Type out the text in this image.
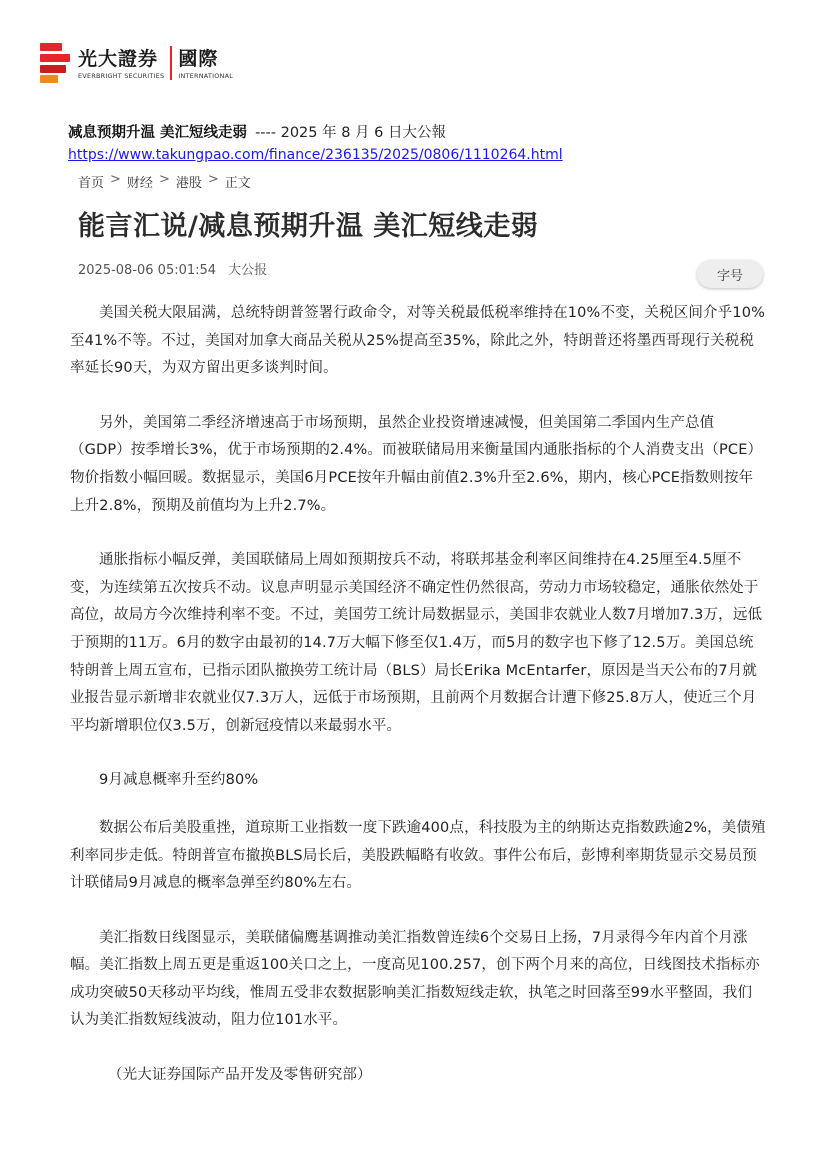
光大證券
EVERBRIGHT SECURITIES
國際
INTERNATIONAL
减息预期升温 美汇短线走弱 ---- 2025 年 8 月 6 日大公報
https://www.takungpao.com/finance/236135/2025/0806/1110264.html
首页 > 财经 > 港股 > 正文
能言汇说/减息预期升温 美汇短线走弱
2025-08-06 05:01:54 大公报	字号

美国关税大限届满，总统特朗普签署行政命令，对等关税最低税率维持在10%不变，关税区间介乎10%至41%不等。不过，美国对加拿大商品关税从25%提高至35%，除此之外，特朗普还将墨西哥现行关税税率延长90天，为双方留出更多谈判时间。

另外，美国第二季经济增速高于市场预期，虽然企业投资增速减慢，但美国第二季国内生产总值（GDP）按季增长3%，优于市场预期的2.4%。而被联储局用来衡量国内通胀指标的个人消费支出（PCE）物价指数小幅回暖。数据显示，美国6月PCE按年升幅由前值2.3%升至2.6%，期内，核心PCE指数则按年上升2.8%，预期及前值均为上升2.7%。

通胀指标小幅反弹，美国联储局上周如预期按兵不动，将联邦基金利率区间维持在4.25厘至4.5厘不变，为连续第五次按兵不动。议息声明显示美国经济不确定性仍然很高，劳动力市场较稳定，通胀依然处于高位，故局方今次维持利率不变。不过，美国劳工统计局数据显示，美国非农就业人数7月增加7.3万，远低于预期的11万。6月的数字由最初的14.7万大幅下修至仅1.4万，而5月的数字也下修了12.5万。美国总统特朗普上周五宣布，已指示团队撤换劳工统计局（BLS）局长Erika McEntarfer，原因是当天公布的7月就业报告显示新增非农就业仅7.3万人，远低于市场预期，且前两个月数据合计遭下修25.8万人，使近三个月平均新增职位仅3.5万，创新冠疫情以来最弱水平。

9月减息概率升至约80%

数据公布后美股重挫，道琼斯工业指数一度下跌逾400点，科技股为主的纳斯达克指数跌逾2%，美债殖利率同步走低。特朗普宣布撤换BLS局长后，美股跌幅略有收敛。事件公布后，彭博利率期货显示交易员预计联储局9月减息的概率急弹至约80%左右。

美汇指数日线图显示，美联储偏鹰基调推动美汇指数曾连续6个交易日上扬，7月录得今年内首个月涨幅。美汇指数上周五更是重返100关口之上，一度高见100.257，创下两个月来的高位，日线图技术指标亦成功突破50天移动平均线，惟周五受非农数据影响美汇指数短线走软，执笔之时回落至99水平整固，我们认为美汇指数短线波动，阻力位101水平。

（光大证券国际产品开发及零售研究部）
